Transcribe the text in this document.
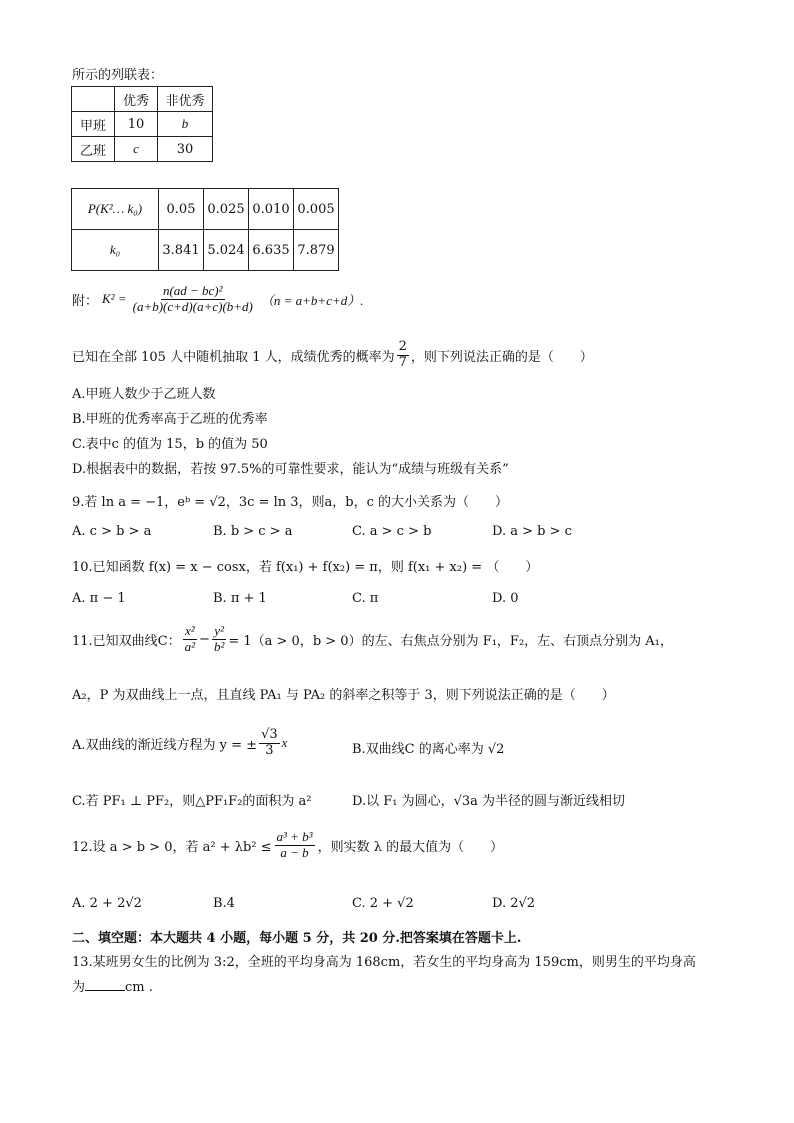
所示的列联表：
	优秀	非优秀
甲班	10	b
乙班	c	30
P(K²… k₀)	0.05	0.025	0.010	0.005
k₀	3.841	5.024	6.635	7.879
附： $K^2 = \frac{\text{n(ad − bc)²}}{(a+b)(c+d)(a+c)(b+d)} (n = a+b+c+d)$.
已知在全部 105 人中随机抽取 1 人，成绩优秀的概率为 $\frac{2}{7}$ ，则下列说法正确的是（　　）
A.甲班人数少于乙班人数
B.甲班的优秀率高于乙班的优秀率
C.表中c 的值为 15，b 的值为 50
D.根据表中的数据，若按 97.5%的可靠性要求，能认为“成绩与班级有关系”
9.若 ln a = −1，eᵇ = √2，3c = ln 3，则a，b，c 的大小关系为（　　）
A. c > b > a	B. b > c > a	C. a > c > b	D. a > b > c
10.已知函数 f(x) = x − cosx，若 f(x₁) + f(x₂) = π，则 f(x₁ + x₂) = （　　）
A. π − 1	B. π + 1	C. π	D. 0
11.已知双曲线C： $\frac{\text{x²}}{\text{a²}} - \frac{\text{y²}}{\text{b²}} = 1(a > 0$，b > 0）的左、右焦点分别为 F₁，F₂，左、右顶点分别为 A₁，
A₂，P 为双曲线上一点，且直线 PA₁ 与 PA₂ 的斜率之积等于 3，则下列说法正确的是（　　）
A.双曲线的渐近线方程为 y = ± $\frac{√3}{3}$ x	B.双曲线C 的离心率为 √2
C.若 PF₁ ⊥ PF₂，则△PF₁F₂的面积为 a²	D.以 F₁ 为圆心，√3a 为半径的圆与渐近线相切
12.设 a > b > 0，若 $a^2 + \lambda b^2 \le \frac{\text{a³ + b³}}{a - b}$ ，则实数 λ 的最大值为（　　）
A. 2 + 2√2	B.4	C. 2 + √2	D. 2√2
二、填空题：本大题共 4 小题，每小题 5 分，共 20 分.把答案填在答题卡上.
13.某班男女生的比例为 3:2，全班的平均身高为 168cm，若女生的平均身高为 159cm，则男生的平均身高
为	cm .
